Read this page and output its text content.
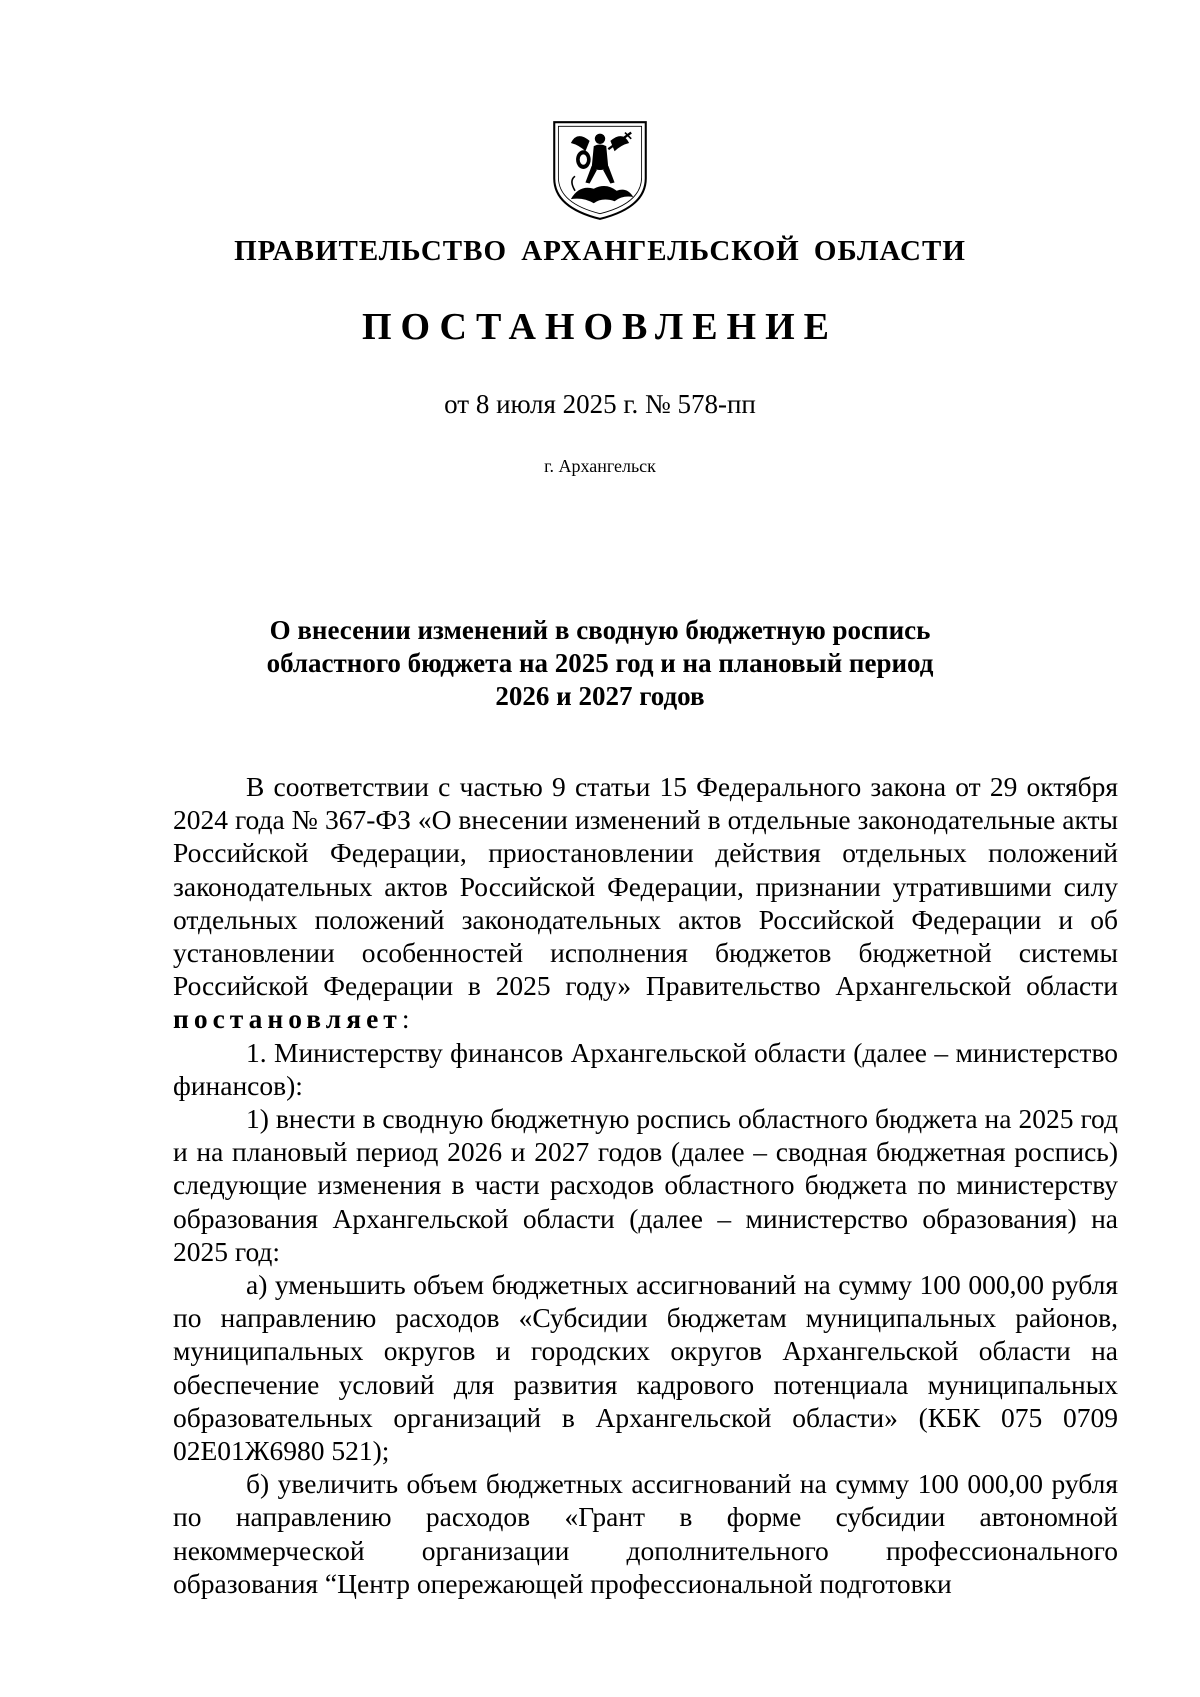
ПРАВИТЕЛЬСТВО АРХАНГЕЛЬСКОЙ ОБЛАСТИ
ПОСТАНОВЛЕНИЕ
от 8 июля 2025 г. № 578-пп
г. Архангельск
О внесении изменений в сводную бюджетную роспись
областного бюджета на 2025 год и на плановый период
2026 и 2027 годов

В соответствии с частью 9 статьи 15 Федерального закона от 29 октября 2024 года № 367-ФЗ «О внесении изменений в отдельные законодательные акты Российской Федерации, приостановлении действия отдельных положений законодательных актов Российской Федерации, признании утратившими силу отдельных положений законодательных актов Российской Федерации и об установлении особенностей исполнения бюджетов бюджетной системы Российской Федерации в 2025 году» Правительство Архангельской области постановляет:

1. Министерству финансов Архангельской области (далее – министерство финансов):

1) внести в сводную бюджетную роспись областного бюджета на 2025 год и на плановый период 2026 и 2027 годов (далее – сводная бюджетная роспись) следующие изменения в части расходов областного бюджета по министерству образования Архангельской области (далее – министерство образования) на 2025 год:

а) уменьшить объем бюджетных ассигнований на сумму 100 000,00 рубля по направлению расходов «Субсидии бюджетам муниципальных районов, муниципальных округов и городских округов Архангельской области на обеспечение условий для развития кадрового потенциала муниципальных образовательных организаций в Архангельской области» (КБК 075 0709 02Е01Ж6980 521);

б) увеличить объем бюджетных ассигнований на сумму 100 000,00 рубля по направлению расходов «Грант в форме субсидии автономной некоммерческой организации дополнительного профессионального образования “Центр опережающей профессиональной подготовки
